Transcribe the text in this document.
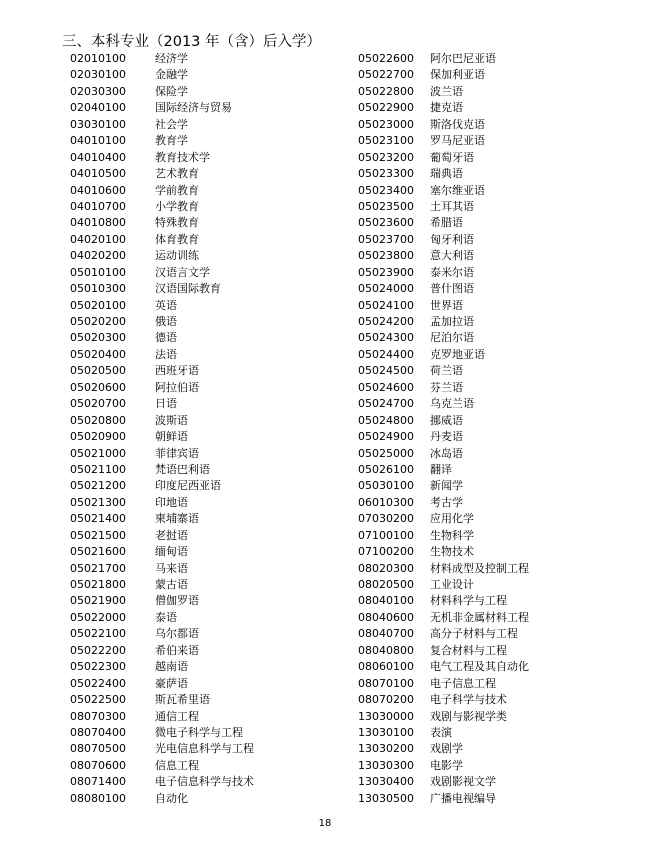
三、本科专业（2013 年（含）后入学）
02010100	经济学
02030100	金融学
02030300	保险学
02040100	国际经济与贸易
03030100	社会学
04010100	教育学
04010400	教育技术学
04010500	艺术教育
04010600	学前教育
04010700	小学教育
04010800	特殊教育
04020100	体育教育
04020200	运动训练
05010100	汉语言文学
05010300	汉语国际教育
05020100	英语
05020200	俄语
05020300	德语
05020400	法语
05020500	西班牙语
05020600	阿拉伯语
05020700	日语
05020800	波斯语
05020900	朝鲜语
05021000	菲律宾语
05021100	梵语巴利语
05021200	印度尼西亚语
05021300	印地语
05021400	柬埔寨语
05021500	老挝语
05021600	缅甸语
05021700	马来语
05021800	蒙古语
05021900	僧伽罗语
05022000	泰语
05022100	乌尔都语
05022200	希伯来语
05022300	越南语
05022400	豪萨语
05022500	斯瓦希里语
08070300	通信工程
08070400	微电子科学与工程
08070500	光电信息科学与工程
08070600	信息工程
08071400	电子信息科学与技术
08080100	自动化
05022600 阿尔巴尼亚语
05022700 保加利亚语
05022800 波兰语
05022900 捷克语
05023000 斯洛伐克语
05023100 罗马尼亚语
05023200 葡萄牙语
05023300 瑞典语
05023400 塞尔维亚语
05023500 土耳其语
05023600 希腊语
05023700 匈牙利语
05023800 意大利语
05023900 泰米尔语
05024000 普什图语
05024100 世界语
05024200 孟加拉语
05024300 尼泊尔语
05024400 克罗地亚语
05024500 荷兰语
05024600 芬兰语
05024700 乌克兰语
05024800 挪威语
05024900 丹麦语
05025000 冰岛语
05026100 翻译
05030100 新闻学
06010300 考古学
07030200 应用化学
07100100 生物科学
07100200 生物技术
08020300 材料成型及控制工程
08020500 工业设计
08040100 材料科学与工程
08040600 无机非金属材料工程
08040700 高分子材料与工程
08040800 复合材料与工程
08060100 电气工程及其自动化
08070100 电子信息工程
08070200 电子科学与技术
13030000 戏剧与影视学类
13030100 表演
13030200 戏剧学
13030300 电影学
13030400 戏剧影视文学
13030500 广播电视编导
18
